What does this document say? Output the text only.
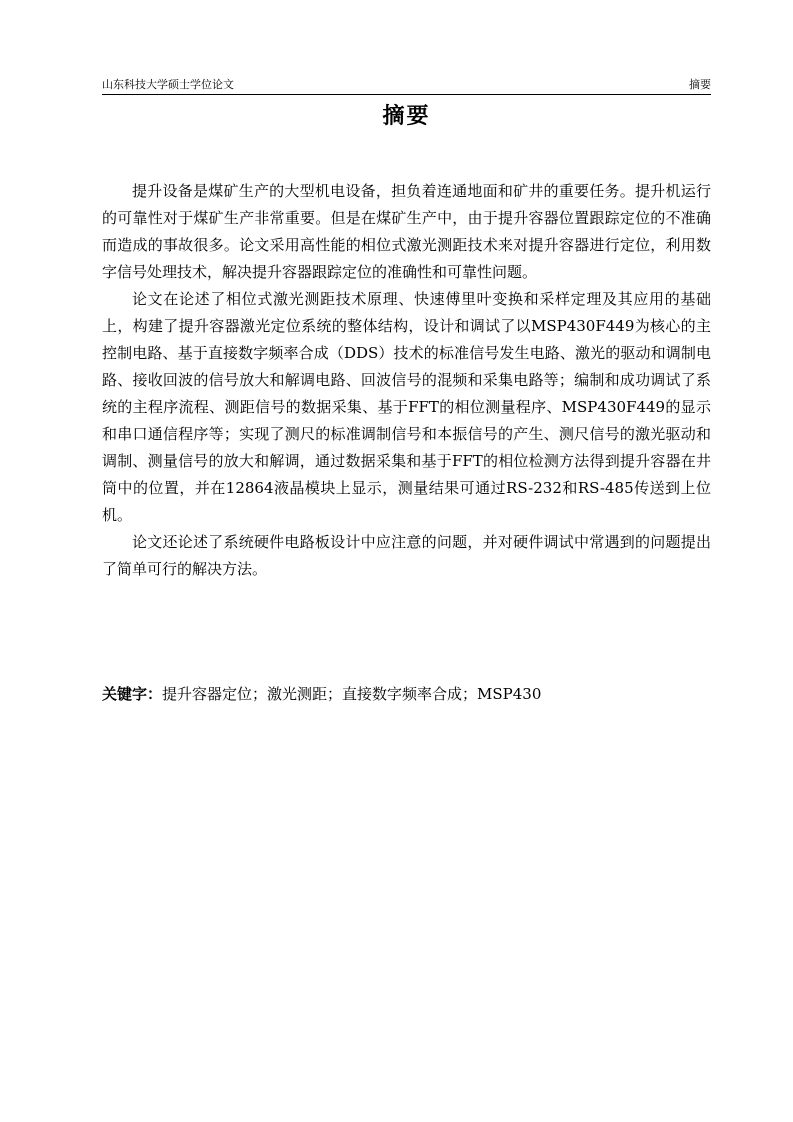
山东科技大学硕士学位论文	摘要
摘要

提升设备是煤矿生产的大型机电设备，担负着连通地面和矿井的重要任务。提升机运行的可靠性对于煤矿生产非常重要。但是在煤矿生产中，由于提升容器位置跟踪定位的不准确而造成的事故很多。论文采用高性能的相位式激光测距技术来对提升容器进行定位，利用数字信号处理技术，解决提升容器跟踪定位的准确性和可靠性问题。

论文在论述了相位式激光测距技术原理、快速傅里叶变换和采样定理及其应用的基础上，构建了提升容器激光定位系统的整体结构，设计和调试了以MSP430F449为核心的主控制电路、基于直接数字频率合成（DDS）技术的标准信号发生电路、激光的驱动和调制电路、接收回波的信号放大和解调电路、回波信号的混频和采集电路等；编制和成功调试了系统的主程序流程、测距信号的数据采集、基于FFT的相位测量程序、MSP430F449的显示和串口通信程序等；实现了测尺的标准调制信号和本振信号的产生、测尺信号的激光驱动和调制、测量信号的放大和解调，通过数据采集和基于FFT的相位检测方法得到提升容器在井筒中的位置，并在12864液晶模块上显示，测量结果可通过RS-232和RS-485传送到上位机。

论文还论述了系统硬件电路板设计中应注意的问题，并对硬件调试中常遇到的问题提出了简单可行的解决方法。

关键字：提升容器定位；激光测距；直接数字频率合成；MSP430
